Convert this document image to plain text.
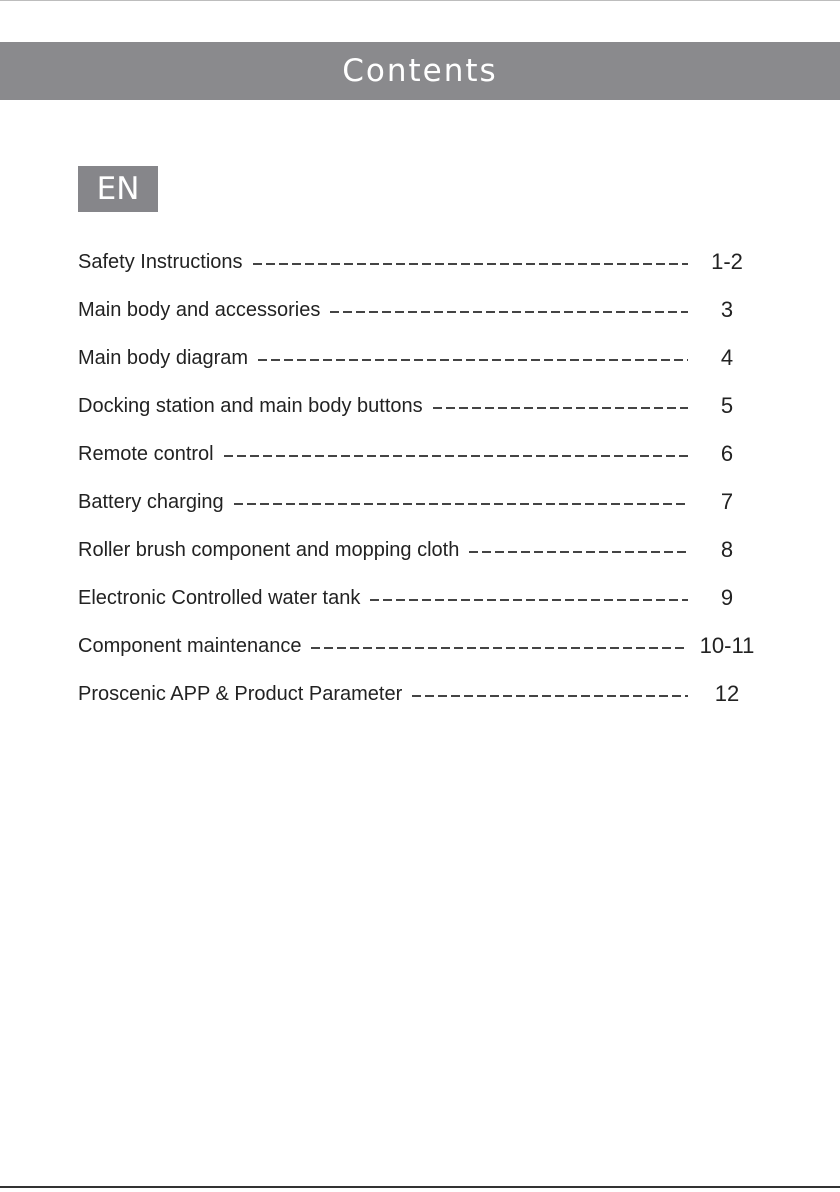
Contents
EN
Safety Instructions	1-2
Main body and accessories	3
Main body diagram	4
Docking station and main body buttons	5
Remote control	6
Battery charging	7
Roller brush component and mopping cloth	8
Electronic Controlled water tank	9
Component maintenance	10-11
Proscenic APP & Product Parameter	12
